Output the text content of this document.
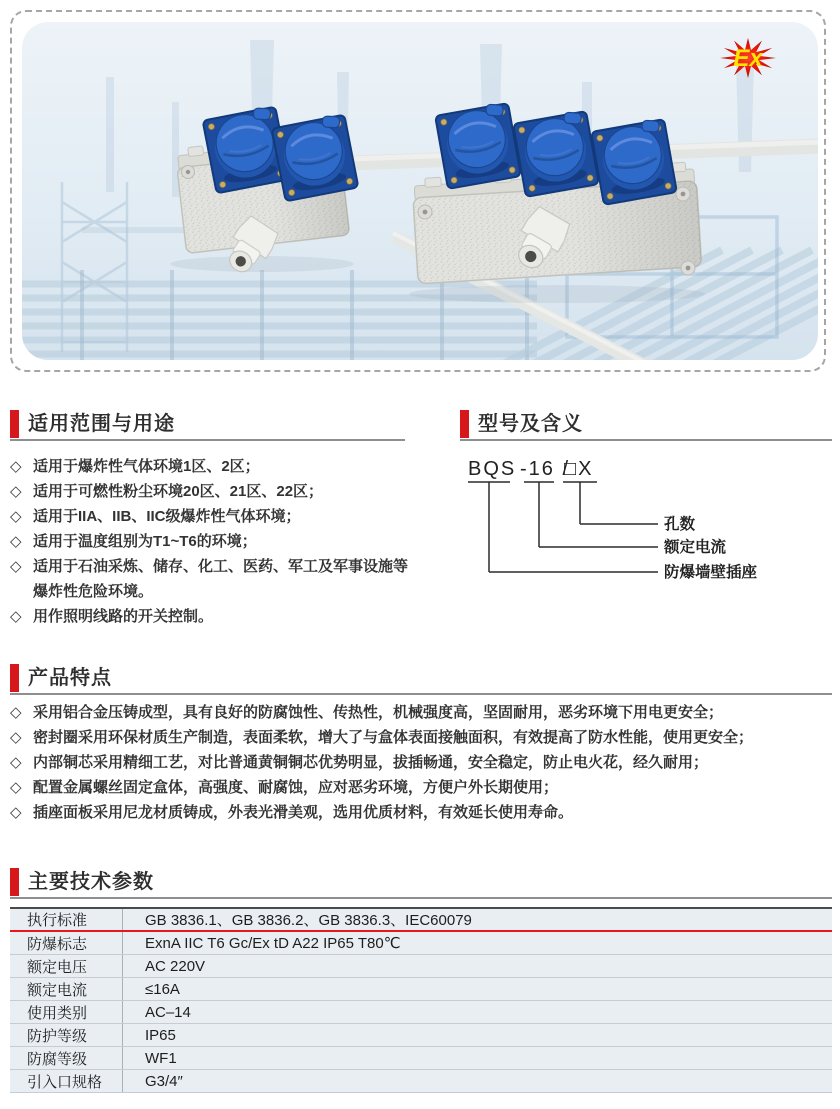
Ex
适用范围与用途
◇ 适用于爆炸性气体环境1区、2区；
◇ 适用于可燃性粉尘环境20区、21区、22区；
◇ 适用于IIA、IIB、IIC级爆炸性气体环境；
◇ 适用于温度组别为T1~T6的环境；
◇ 适用于石油采炼、储存、化工、医药、军工及军事设施等爆炸性危险环境。
◇ 用作照明线路的开关控制。
型号及含义
BQS -16 /
□X
孔数
额定电流
防爆墙壁插座
产品特点
◇ 采用铝合金压铸成型，具有良好的防腐蚀性、传热性，机械强度高，坚固耐用，恶劣环境下用电更安全；
◇ 密封圈采用环保材质生产制造，表面柔软，增大了与盒体表面接触面积，有效提高了防水性能，使用更安全；
◇ 内部铜芯采用精细工艺，对比普通黄铜铜芯优势明显，拔插畅通，安全稳定，防止电火花，经久耐用；
◇ 配置金属螺丝固定盒体，高强度、耐腐蚀，应对恶劣环境，方便户外长期使用；
◇ 插座面板采用尼龙材质铸成，外表光滑美观，选用优质材料，有效延长使用寿命。
主要技术参数
执行标准	GB 3836.1、GB 3836.2、GB 3836.3、IEC60079
防爆标志	ExnA IIC T6 Gc/Ex tD A22 IP65 T80℃
额定电压	AC 220V
额定电流	≤16A
使用类别	AC–14
防护等级	IP65
防腐等级	WF1
引入口规格	G3/4″
